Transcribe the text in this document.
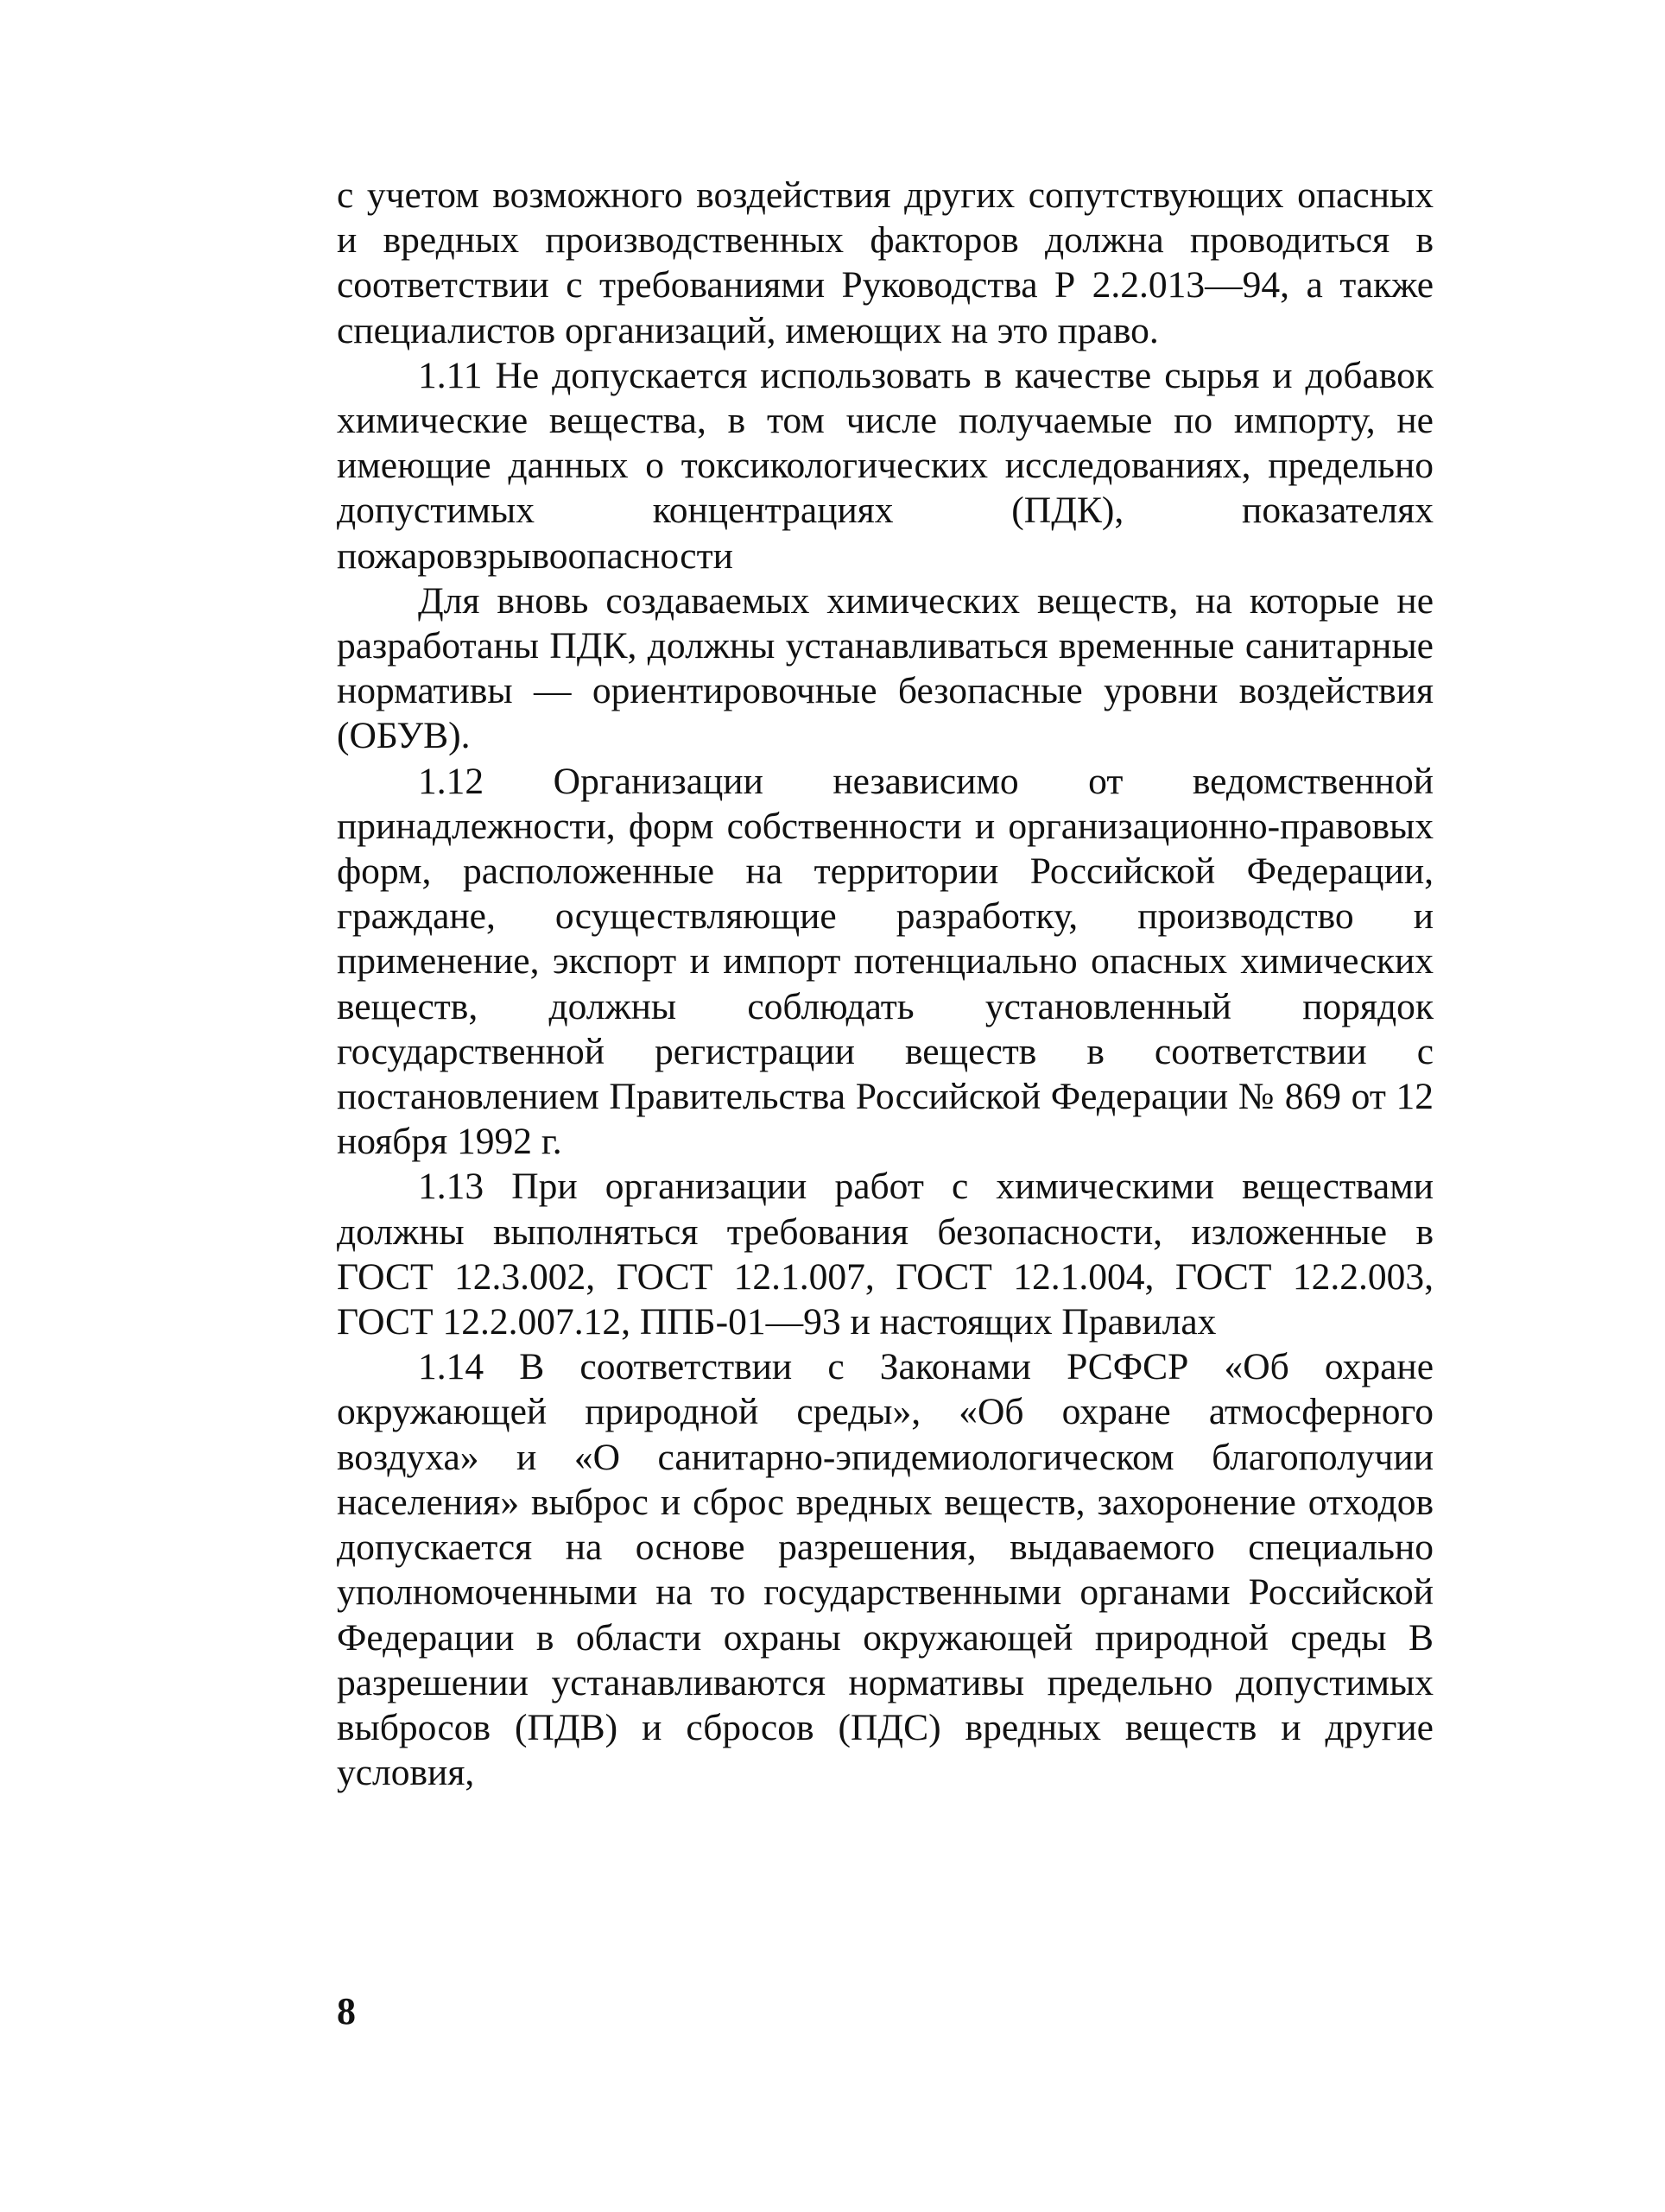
с учетом возможного воздействия других сопутствующих опасных и вредных производственных факторов должна проводиться в соответствии с требованиями Руководства Р 2.2.013—94, а также специалистов организаций, имеющих на это право.

1.11 Не допускается использовать в качестве сырья и добавок химические вещества, в том числе получаемые по импорту, не имеющие данных о токсикологических исследованиях, предельно допустимых концентрациях (ПДК), показателях пожаровзрывоопасности

Для вновь создаваемых химических веществ, на которые не разработаны ПДК, должны устанавливаться временные санитарные нормативы — ориентировочные безопасные уровни воздействия (ОБУВ).

1.12 Организации независимо от ведомственной принадлежности, форм собственности и организационно-правовых форм, расположенные на территории Российской Федерации, граждане, осуществляющие разработку, производство и применение, экспорт и импорт потенциально опасных химических веществ, должны соблюдать установленный порядок государственной регистрации веществ в соответствии с постановлением Правительства Российской Федерации № 869 от 12 ноября 1992 г.

1.13 При организации работ с химическими веществами должны выполняться требования безопасности, изложенные в ГОСТ 12.3.002, ГОСТ 12.1.007, ГОСТ 12.1.004, ГОСТ 12.2.003, ГОСТ 12.2.007.12, ППБ-01—93 и настоящих Правилах

1.14 В соответствии с Законами РСФСР «Об охране окружающей природной среды», «Об охране атмосферного воздуха» и «О санитарно-эпидемиологическом благополучии населения» выброс и сброс вредных веществ, захоронение отходов допускается на основе разрешения, выдаваемого специально уполномоченными на то государственными органами Российской Федерации в области охраны окружающей природной среды В разрешении устанавливаются нормативы предельно допустимых выбросов (ПДВ) и сбросов (ПДС) вредных веществ и другие условия,

8
